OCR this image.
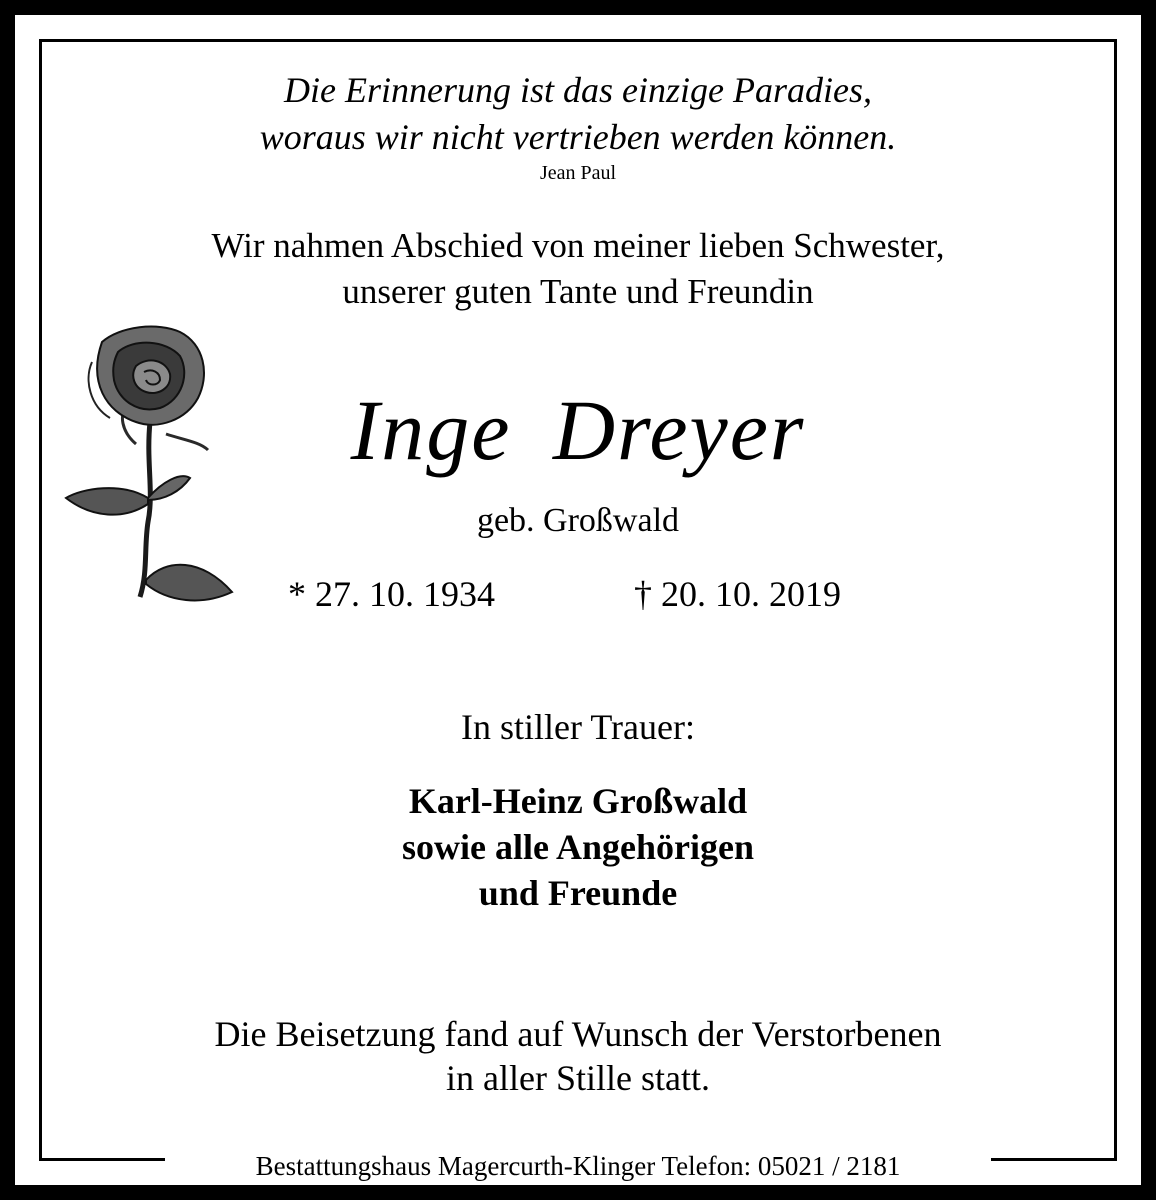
Die Erinnerung ist das einzige Paradies,
woraus wir nicht vertrieben werden können.
Jean Paul
Wir nahmen Abschied von meiner lieben Schwester,
unserer guten Tante und Freundin
Inge Dreyer
geb. Großwald
* 27. 10. 1934	† 20. 10. 2019
In stiller Trauer:
Karl-Heinz Großwald
sowie alle Angehörigen
und Freunde
Die Beisetzung fand auf Wunsch der Verstorbenen
in aller Stille statt.
Bestattungshaus Magercurth-Klinger Telefon: 05021 / 2181
